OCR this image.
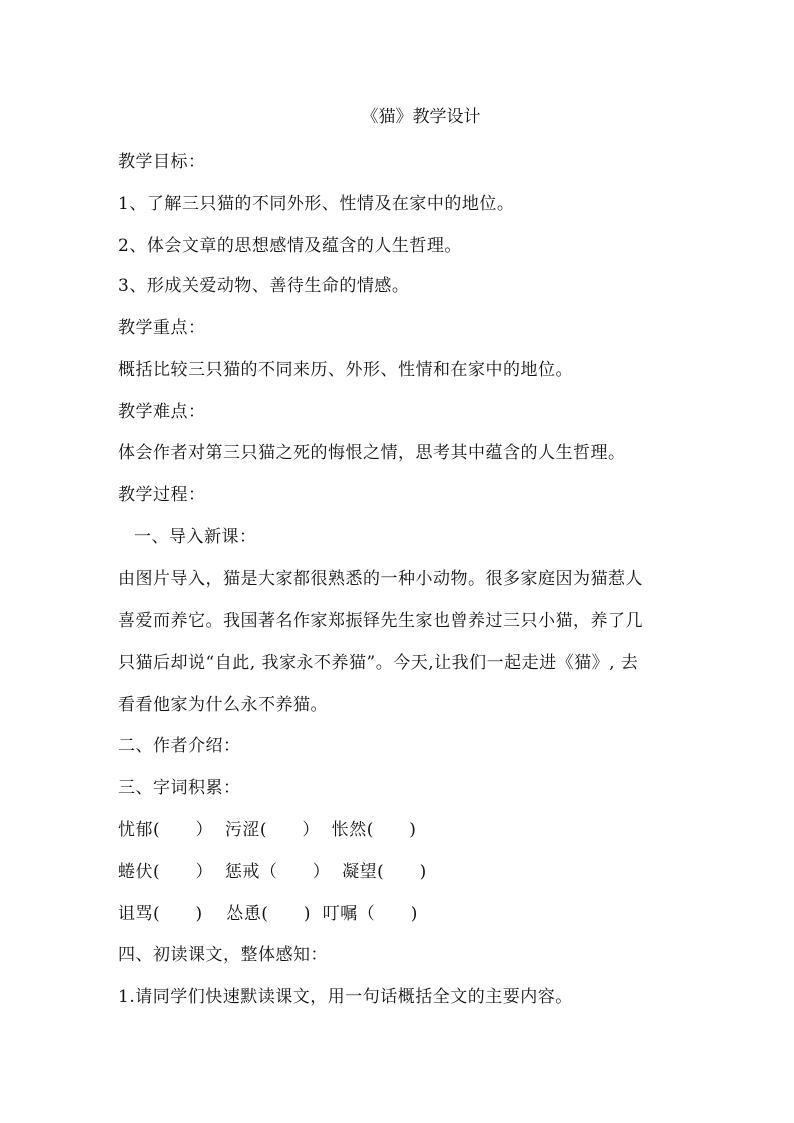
《猫》教学设计
教学目标：
1、了解三只猫的不同外形、性情及在家中的地位。
2、体会文章的思想感情及蕴含的人生哲理。
3、形成关爱动物、善待生命的情感。
教学重点：
概括比较三只猫的不同来历、外形、性情和在家中的地位。
教学难点：
体会作者对第三只猫之死的悔恨之情，思考其中蕴含的人生哲理。
教学过程：
一、导入新课：
由图片导入，猫是大家都很熟悉的一种小动物。很多家庭因为猫惹人
喜爱而养它。我国著名作家郑振铎先生家也曾养过三只小猫，养了几
只猫后却说“自此, 我家永不养猫”。今天,让我们一起走进《猫》, 去
看看他家为什么永不养猫。
二、作者介绍：
三、字词积累：
忧郁(      ）  污涩(      ）  怅然(      )
蜷伏(      ）  惩戒（      ）  凝望(      )
诅骂(      )    怂恿(      )  叮嘱（      )
四、初读课文，整体感知：
1.请同学们快速默读课文，用一句话概括全文的主要内容。
